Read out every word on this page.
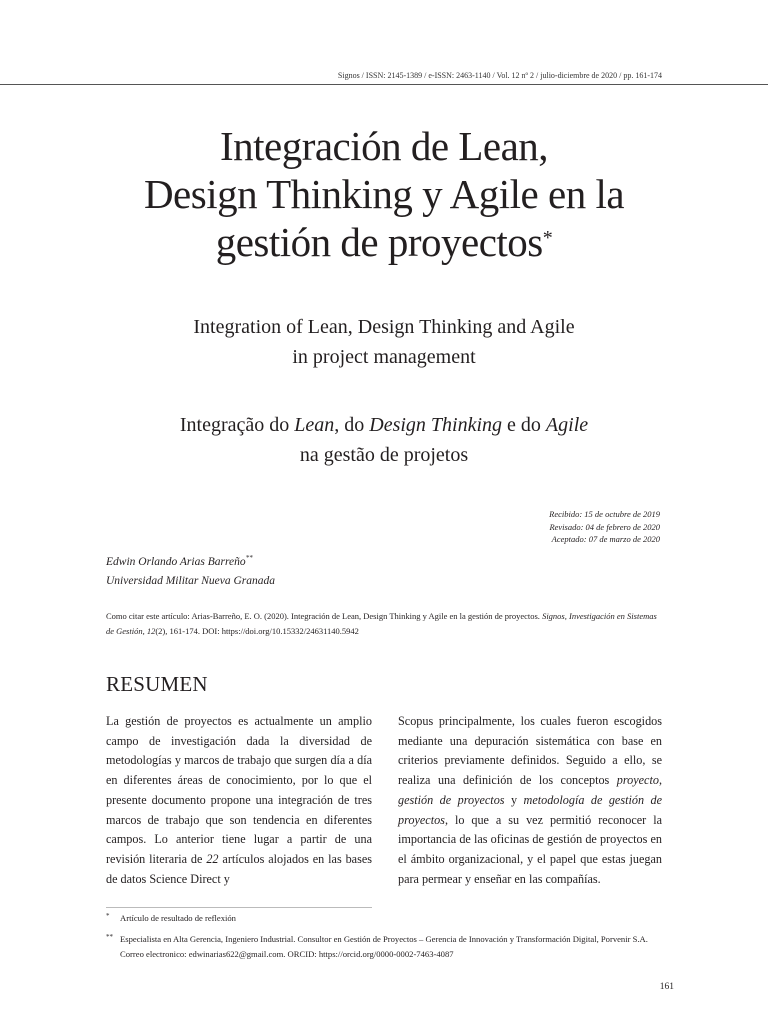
Signos / ISSN: 2145-1389 / e-ISSN: 2463-1140 / Vol. 12 nº 2 / julio-diciembre de 2020 / pp. 161-174
Integración de Lean,
Design Thinking y Agile en la
gestión de proyectos*
Integration of Lean, Design Thinking and Agile
in project management
Integração do Lean, do Design Thinking e do Agile
na gestão de projetos
Recibido: 15 de octubre de 2019
Revisado: 04 de febrero de 2020
Aceptado: 07 de marzo de 2020
Edwin Orlando Arias Barreño**
Universidad Militar Nueva Granada
Como citar este artículo: Arias-Barreño, E. O. (2020). Integración de Lean, Design Thinking y Agile en la gestión de proyectos. Signos, Investigación en Sistemas de Gestión, 12(2), 161-174. DOI: https://doi.org/10.15332/24631140.5942
RESUMEN
La gestión de proyectos es actualmente un amplio campo de investigación dada la diversidad de metodologías y marcos de trabajo que surgen día a día en diferentes áreas de conocimiento, por lo que el presente documento propone una integración de tres marcos de trabajo que son tendencia en diferentes campos. Lo anterior tiene lugar a partir de una revisión literaria de 22 artículos alojados en las bases de datos Science Direct y
Scopus principalmente, los cuales fueron escogidos mediante una depuración sistemática con base en criterios previamente definidos. Seguido a ello, se realiza una definición de los conceptos proyecto, gestión de proyectos y metodología de gestión de proyectos, lo que a su vez permitió reconocer la importancia de las oficinas de gestión de proyectos en el ámbito organizacional, y el papel que estas juegan para permear y enseñar en las compañías.
* Artículo de resultado de reflexión
** Especialista en Alta Gerencia, Ingeniero Industrial. Consultor en Gestión de Proyectos – Gerencia de Innovación y Transformación Digital, Porvenir S.A. Correo electronico: edwinarias622@gmail.com. ORCID: https://orcid.org/0000-0002-7463-4087
161
